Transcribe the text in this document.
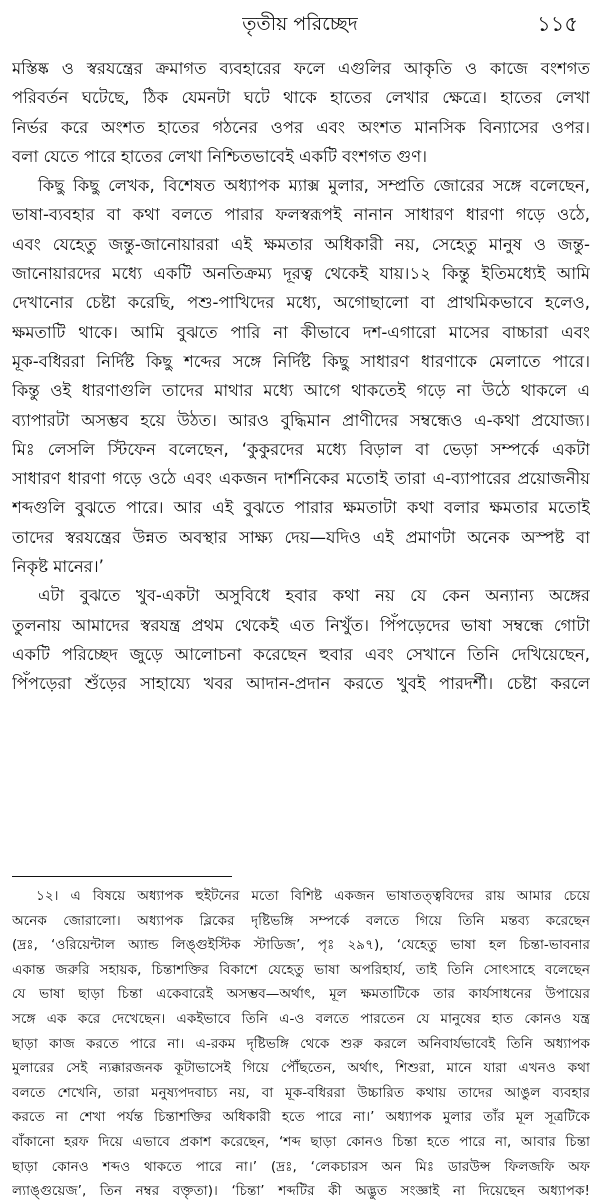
তৃতীয় পরিচ্ছেদ	১১৫
মস্তিষ্ক ও স্বরযন্ত্রের ক্রমাগত ব্যবহারের ফলে এগুলির আকৃতি ও কাজে বংশগত
পরিবর্তন ঘটেছে, ঠিক যেমনটা ঘটে থাকে হাতের লেখার ক্ষেত্রে। হাতের লেখা
নির্ভর করে অংশত হাতের গঠনের ওপর এবং অংশত মানসিক বিন্যাসের ওপর।
বলা যেতে পারে হাতের লেখা নিশ্চিতভাবেই একটি বংশগত গুণ।
কিছু কিছু লেখক, বিশেষত অধ্যাপক ম্যাক্স মুলার, সম্প্রতি জোরের সঙ্গে বলেছেন,
ভাষা-ব্যবহার বা কথা বলতে পারার ফলস্বরূপই নানান সাধারণ ধারণা গড়ে ওঠে,
এবং যেহেতু জন্তু-জানোয়াররা এই ক্ষমতার অধিকারী নয়, সেহেতু মানুষ ও জন্তু-
জানোয়ারদের মধ্যে একটি অনতিক্রম্য দূরত্ব থেকেই যায়।১২ কিন্তু ইতিমধ্যেই আমি
দেখানোর চেষ্টা করেছি, পশু-পাখিদের মধ্যে, অগোছালো বা প্রাথমিকভাবে হলেও,
ক্ষমতাটি থাকে। আমি বুঝতে পারি না কীভাবে দশ-এগারো মাসের বাচ্চারা এবং
মূক-বধিররা নির্দিষ্ট কিছু শব্দের সঙ্গে নির্দিষ্ট কিছু সাধারণ ধারণাকে মেলাতে পারে।
কিন্তু ওই ধারণাগুলি তাদের মাথার মধ্যে আগে থাকতেই গড়ে না উঠে থাকলে এ
ব্যাপারটা অসম্ভব হয়ে উঠত। আরও বুদ্ধিমান প্রাণীদের সম্বন্ধেও এ-কথা প্রযোজ্য।
মিঃ লেসলি স্টিফেন বলেছেন, ‘কুকুরদের মধ্যে বিড়াল বা ভেড়া সম্পর্কে একটা
সাধারণ ধারণা গড়ে ওঠে এবং একজন দার্শনিকের মতোই তারা এ-ব্যাপারের প্রয়োজনীয়
শব্দগুলি বুঝতে পারে। আর এই বুঝতে পারার ক্ষমতাটা কথা বলার ক্ষমতার মতোই
তাদের স্বরযন্ত্রের উন্নত অবস্থার সাক্ষ্য দেয়—যদিও এই প্রমাণটা অনেক অস্পষ্ট বা
নিকৃষ্ট মানের।’
এটা বুঝতে খুব-একটা অসুবিধে হবার কথা নয় যে কেন অন্যান্য অঙ্গের
তুলনায় আমাদের স্বরযন্ত্র প্রথম থেকেই এত নিখুঁত। পিঁপড়েদের ভাষা সম্বন্ধে গোটা
একটি পরিচ্ছেদ জুড়ে আলোচনা করেছেন হুবার এবং সেখানে তিনি দেখিয়েছেন,
পিঁপড়েরা শুঁড়ের সাহায্যে খবর আদান-প্রদান করতে খুবই পারদর্শী। চেষ্টা করলে
১২। এ বিষয়ে অধ্যাপক হুইটনের মতো বিশিষ্ট একজন ভাষাতত্ত্ববিদের রায় আমার চেয়ে
অনেক জোরালো। অধ্যাপক ব্লিকের দৃষ্টিভঙ্গি সম্পর্কে বলতে গিয়ে তিনি মন্তব্য করেছেন
(দ্রঃ, ‘ওরিয়েন্টাল অ্যান্ড লিঙ্গুইস্টিক স্টাডিজ’, পৃঃ ২৯৭), ‘যেহেতু ভাষা হল চিন্তা-ভাবনার
একান্ত জরুরি সহায়ক, চিন্তাশক্তির বিকাশে যেহেতু ভাষা অপরিহার্য, তাই তিনি সোৎসাহে বলেছেন
যে ভাষা ছাড়া চিন্তা একেবারেই অসম্ভব—অর্থাৎ, মূল ক্ষমতাটিকে তার কার্যসাধনের উপায়ের
সঙ্গে এক করে দেখেছেন। একইভাবে তিনি এ-ও বলতে পারতেন যে মানুষের হাত কোনও যন্ত্র
ছাড়া কাজ করতে পারে না। এ-রকম দৃষ্টিভঙ্গি থেকে শুরু করলে অনিবার্যভাবেই তিনি অধ্যাপক
মুলারের সেই ন্যক্কারজনক কূটাভাসেই গিয়ে পৌঁছতেন, অর্থাৎ, শিশুরা, মানে যারা এখনও কথা
বলতে শেখেনি, তারা মনুষ্যপদবাচ্য নয়, বা মূক-বধিররা উচ্চারিত কথায় তাদের আঙুল ব্যবহার
করতে না শেখা পর্যন্ত চিন্তাশক্তির অধিকারী হতে পারে না।’ অধ্যাপক মুলার তাঁর মূল সূত্রটিকে
বাঁকানো হরফ দিয়ে এভাবে প্রকাশ করেছেন, ‘শব্দ ছাড়া কোনও চিন্তা হতে পারে না, আবার চিন্তা
ছাড়া কোনও শব্দও থাকতে পারে না।’ (দ্রঃ, ‘লেকচারস অন মিঃ ডারউন্স ফিলজফি অফ
ল্যাঙ্গুয়েজ’, তিন নম্বর বক্তৃতা)। ‘চিন্তা’ শব্দটির কী অদ্ভুত সংজ্ঞাই না দিয়েছেন অধ্যাপক!
